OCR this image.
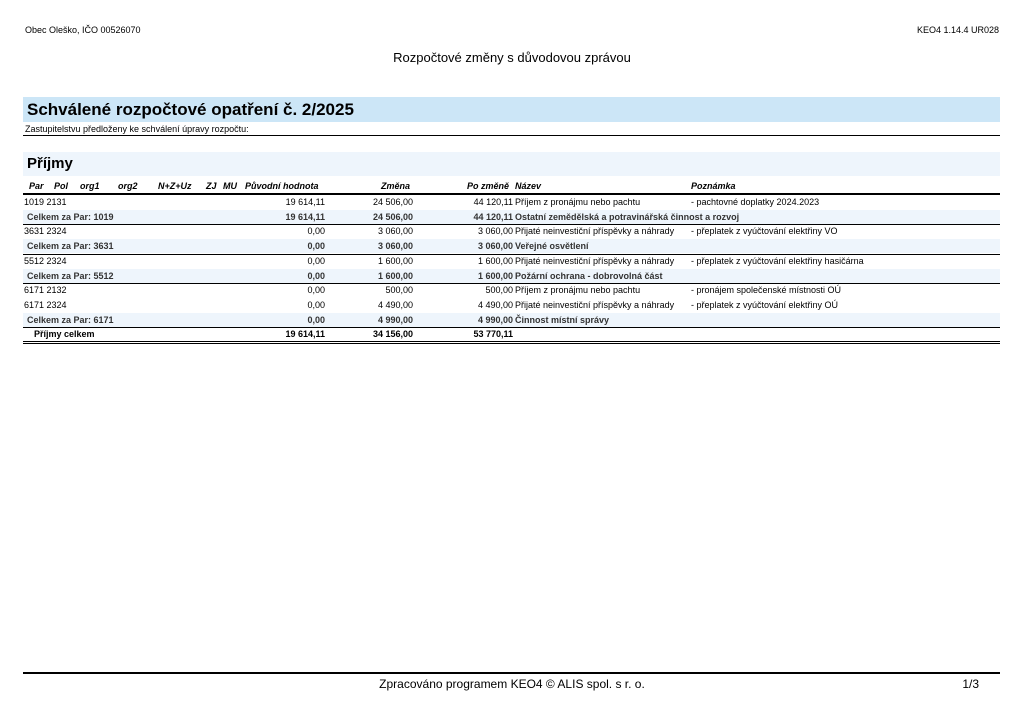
Obec Oleško, IČO 00526070	KEO4 1.14.4 UR028
Rozpočtové změny s důvodovou zprávou
Schválené rozpočtové opatření č. 2/2025
Zastupitelstvu předloženy ke schválení úpravy rozpočtu:
Příjmy
Par Pol org1 org2 N+Z+Uz ZJ MU Původní hodnota	Změna	Po změně Název	Poznámka
1019 2131	19 614,11	24 506,00	44 120,11 Příjem z pronájmu nebo pachtu	- pachtovné doplatky 2024.2023
Celkem za Par: 1019	19 614,11	24 506,00	44 120,11 Ostatní zemědělská a potravinářská činnost a rozvoj
3631 2324	0,00	3 060,00	3 060,00 Přijaté neinvestiční příspěvky a náhrady - přeplatek z vyúčtování elektřiny VO
Celkem za Par: 3631	0,00	3 060,00	3 060,00 Veřejné osvětlení
5512 2324	0,00	1 600,00	1 600,00 Přijaté neinvestiční příspěvky a náhrady - přeplatek z vyúčtování elektřiny hasičárna
Celkem za Par: 5512	0,00	1 600,00	1 600,00 Požární ochrana - dobrovolná část
6171 2132	0,00	500,00	500,00 Příjem z pronájmu nebo pachtu	- pronájem společenské místnosti OÚ
6171 2324	0,00	4 490,00	4 490,00 Přijaté neinvestiční příspěvky a náhrady - přeplatek z vyúčtování elektřiny OÚ
Celkem za Par: 6171	0,00	4 990,00	4 990,00 Činnost místní správy
Příjmy celkem	19 614,11	34 156,00	53 770,11
Zpracováno programem KEO4 © ALIS spol. s r. o.	1/3
